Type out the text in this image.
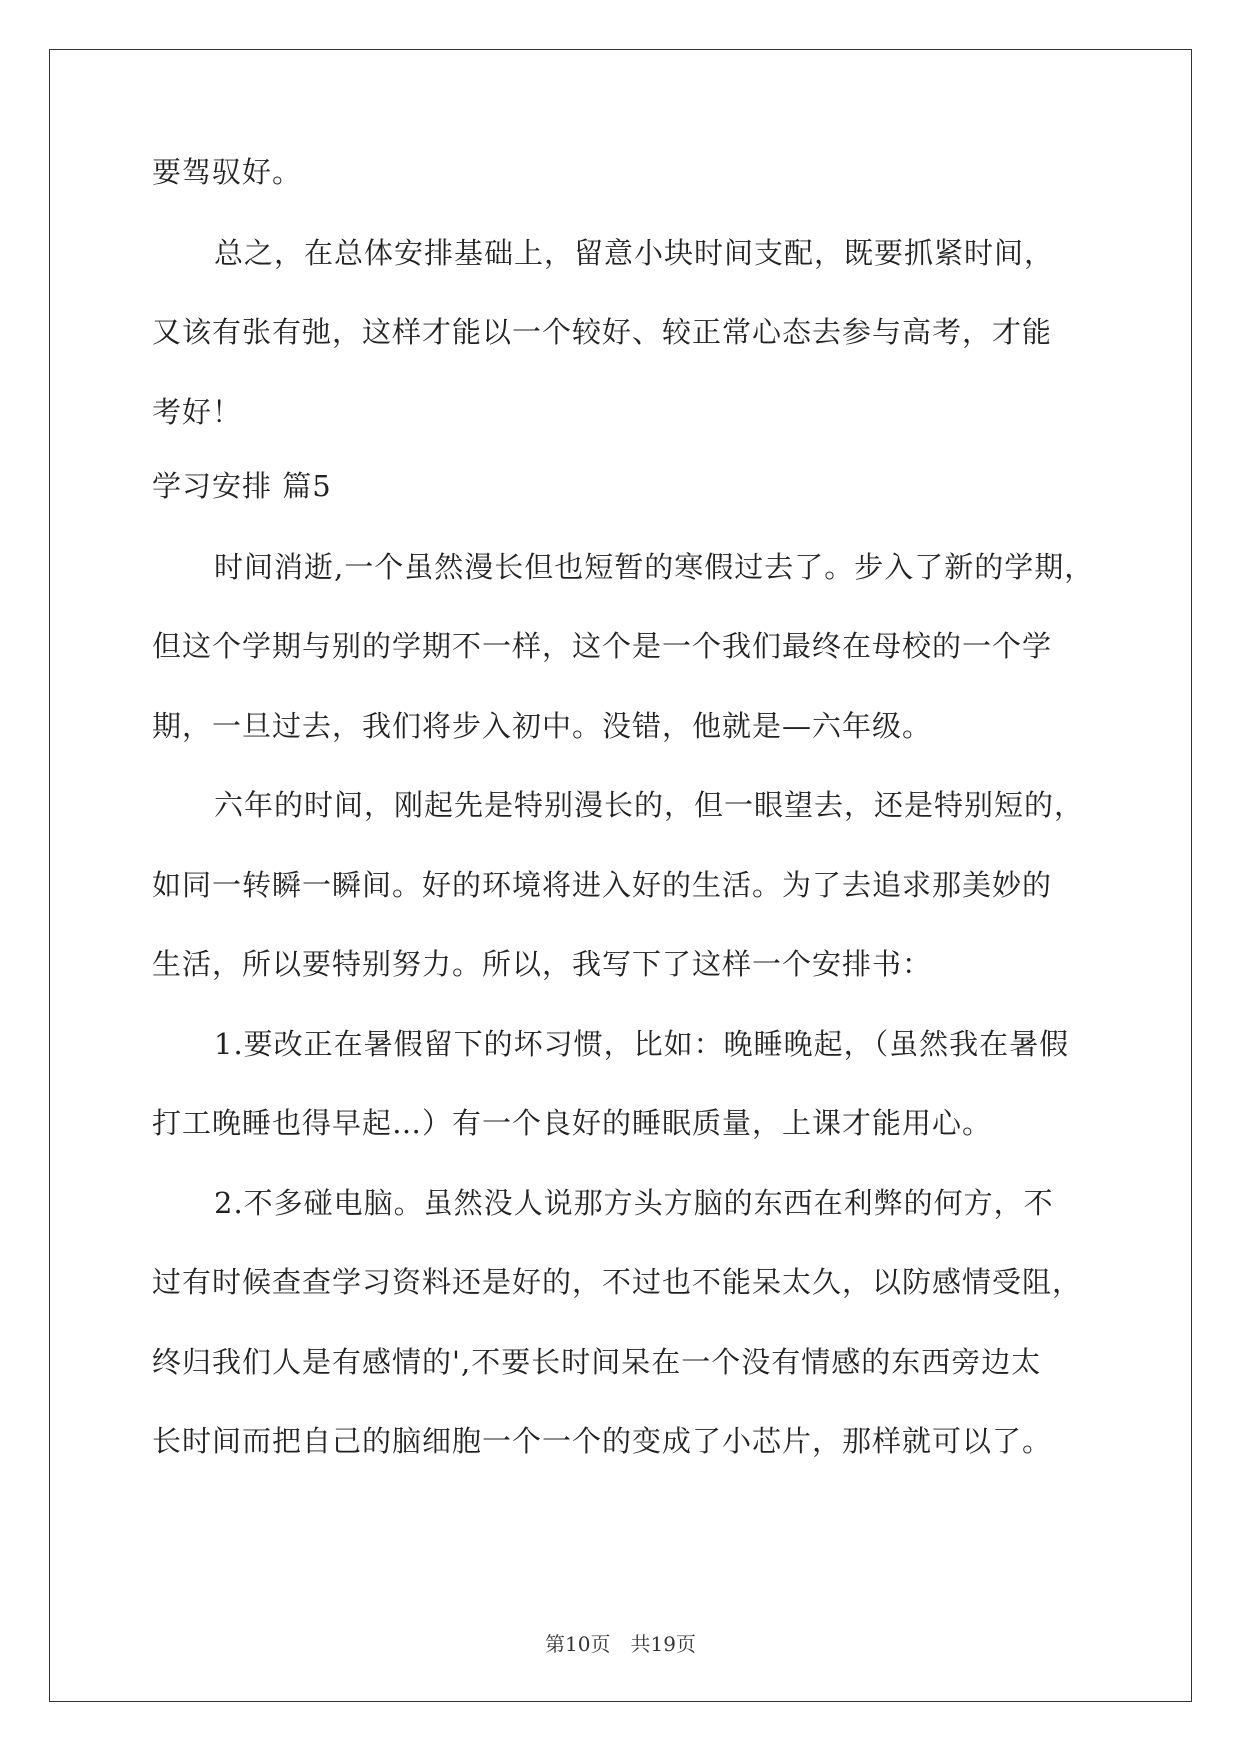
要驾驭好。
总之，在总体安排基础上，留意小块时间支配，既要抓紧时间，
又该有张有弛，这样才能以一个较好、较正常心态去参与高考，才能
考好！
学习安排 篇5
时间消逝,一个虽然漫长但也短暂的寒假过去了。步入了新的学期，
但这个学期与别的学期不一样，这个是一个我们最终在母校的一个学
期，一旦过去，我们将步入初中。没错，他就是—六年级。
六年的时间，刚起先是特别漫长的，但一眼望去，还是特别短的，
如同一转瞬一瞬间。好的环境将进入好的生活。为了去追求那美妙的
生活，所以要特别努力。所以，我写下了这样一个安排书：
1.要改正在暑假留下的坏习惯，比如：晚睡晚起，（虽然我在暑假
打工晚睡也得早起…）有一个良好的睡眠质量，上课才能用心。
2.不多碰电脑。虽然没人说那方头方脑的东西在利弊的何方，不
过有时候查查学习资料还是好的，不过也不能呆太久，以防感情受阻，
终归我们人是有感情的',不要长时间呆在一个没有情感的东西旁边太
长时间而把自己的脑细胞一个一个的变成了小芯片，那样就可以了。
第10页　共19页
